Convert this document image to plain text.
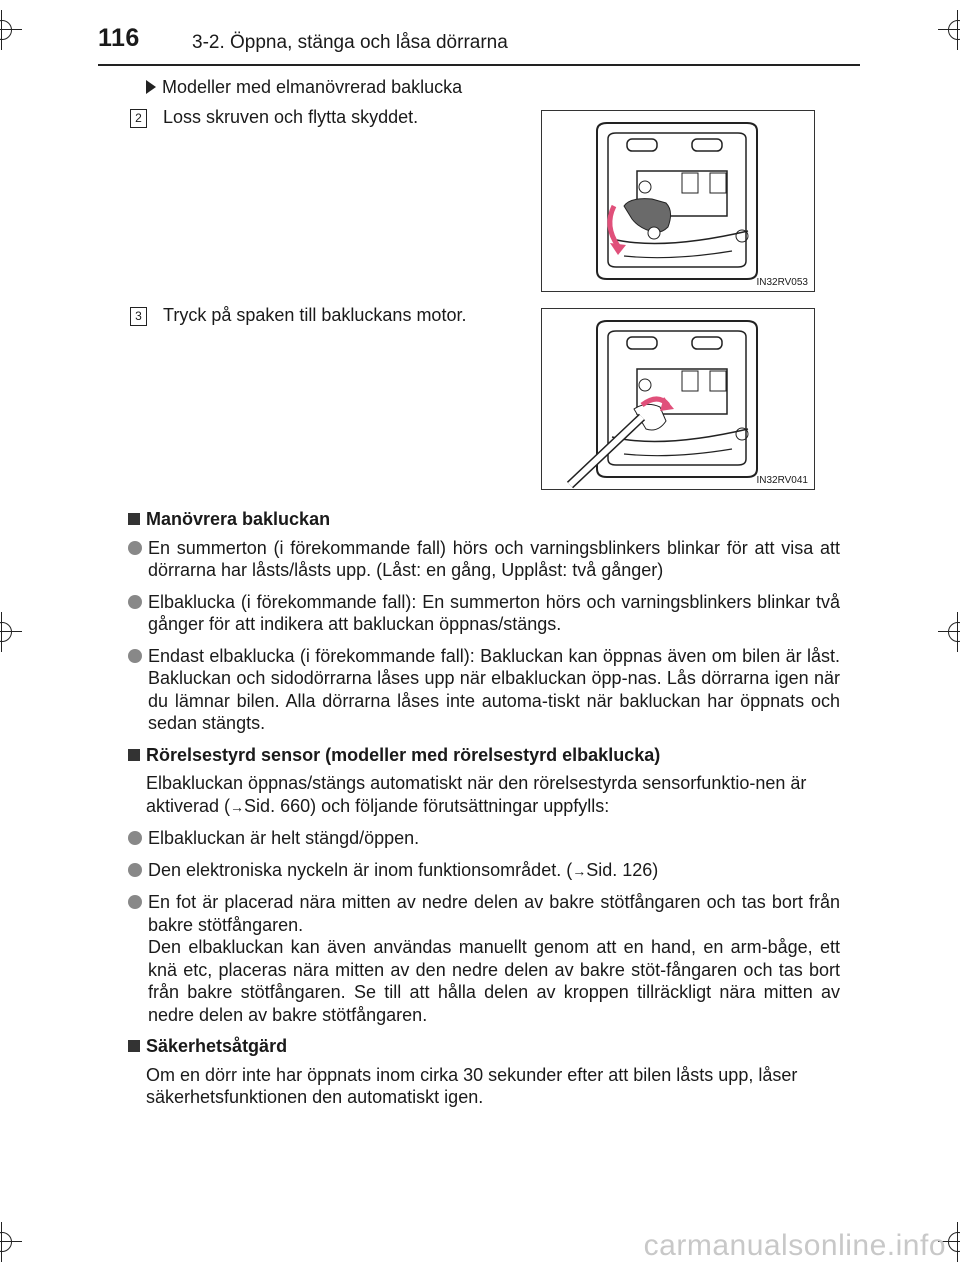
116	3-2. Öppna, stänga och låsa dörrarna
Modeller med elmanövrerad baklucka
2 Loss skruven och flytta skyddet.
IN32RV053
3 Tryck på spaken till bakluckans motor.
IN32RV041
Manövrera bakluckan
En summerton (i förekommande fall) hörs och varningsblinkers blinkar för att visa att dörrarna har låsts/låsts upp. (Låst: en gång, Upplåst: två gånger)
Elbaklucka (i förekommande fall): En summerton hörs och varningsblinkers blinkar två gånger för att indikera att bakluckan öppnas/stängs.
Endast elbaklucka (i förekommande fall): Bakluckan kan öppnas även om bilen är låst. Bakluckan och sidodörrarna låses upp när elbakluckan öpp-nas. Lås dörrarna igen när du lämnar bilen. Alla dörrarna låses inte automa-tiskt när bakluckan har öppnats och sedan stängts.
Rörelsestyrd sensor (modeller med rörelsestyrd elbaklucka)
Elbakluckan öppnas/stängs automatiskt när den rörelsestyrda sensorfunktio-nen är aktiverad (→Sid. 660) och följande förutsättningar uppfylls:
Elbakluckan är helt stängd/öppen.
Den elektroniska nyckeln är inom funktionsområdet. (→Sid. 126)
En fot är placerad nära mitten av nedre delen av bakre stötfångaren och tas bort från bakre stötfångaren.
Den elbakluckan kan även användas manuellt genom att en hand, en arm-båge, ett knä etc, placeras nära mitten av den nedre delen av bakre stöt-fångaren och tas bort från bakre stötfångaren. Se till att hålla delen av kroppen tillräckligt nära mitten av nedre delen av bakre stötfångaren.
Säkerhetsåtgärd
Om en dörr inte har öppnats inom cirka 30 sekunder efter att bilen låsts upp, låser säkerhetsfunktionen den automatiskt igen.
carmanualsonline.info
